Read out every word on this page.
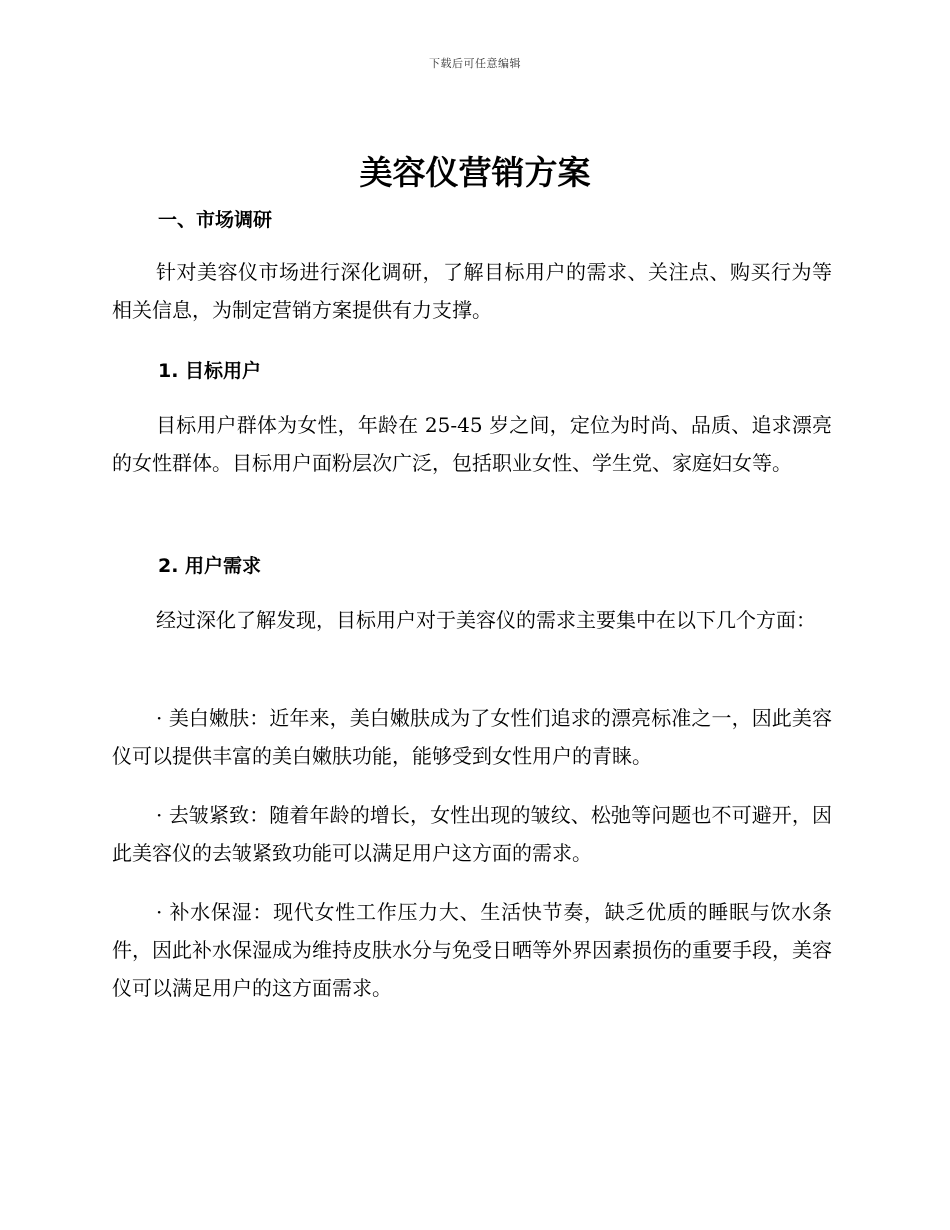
下载后可任意编辑
美容仪营销方案
一、市场调研

针对美容仪市场进行深化调研，了解目标用户的需求、关注点、购买行为等相关信息，为制定营销方案提供有力支撑。

1. 目标用户

目标用户群体为女性，年龄在 25-45 岁之间，定位为时尚、品质、追求漂亮的女性群体。目标用户面粉层次广泛，包括职业女性、学生党、家庭妇女等。

2. 用户需求

经过深化了解发现，目标用户对于美容仪的需求主要集中在以下几个方面：

· 美白嫩肤：近年来，美白嫩肤成为了女性们追求的漂亮标准之一，因此美容仪可以提供丰富的美白嫩肤功能，能够受到女性用户的青睐。

· 去皱紧致：随着年龄的增长，女性出现的皱纹、松弛等问题也不可避开，因此美容仪的去皱紧致功能可以满足用户这方面的需求。

· 补水保湿：现代女性工作压力大、生活快节奏，缺乏优质的睡眠与饮水条件，因此补水保湿成为维持皮肤水分与免受日晒等外界因素损伤的重要手段，美容仪可以满足用户的这方面需求。
